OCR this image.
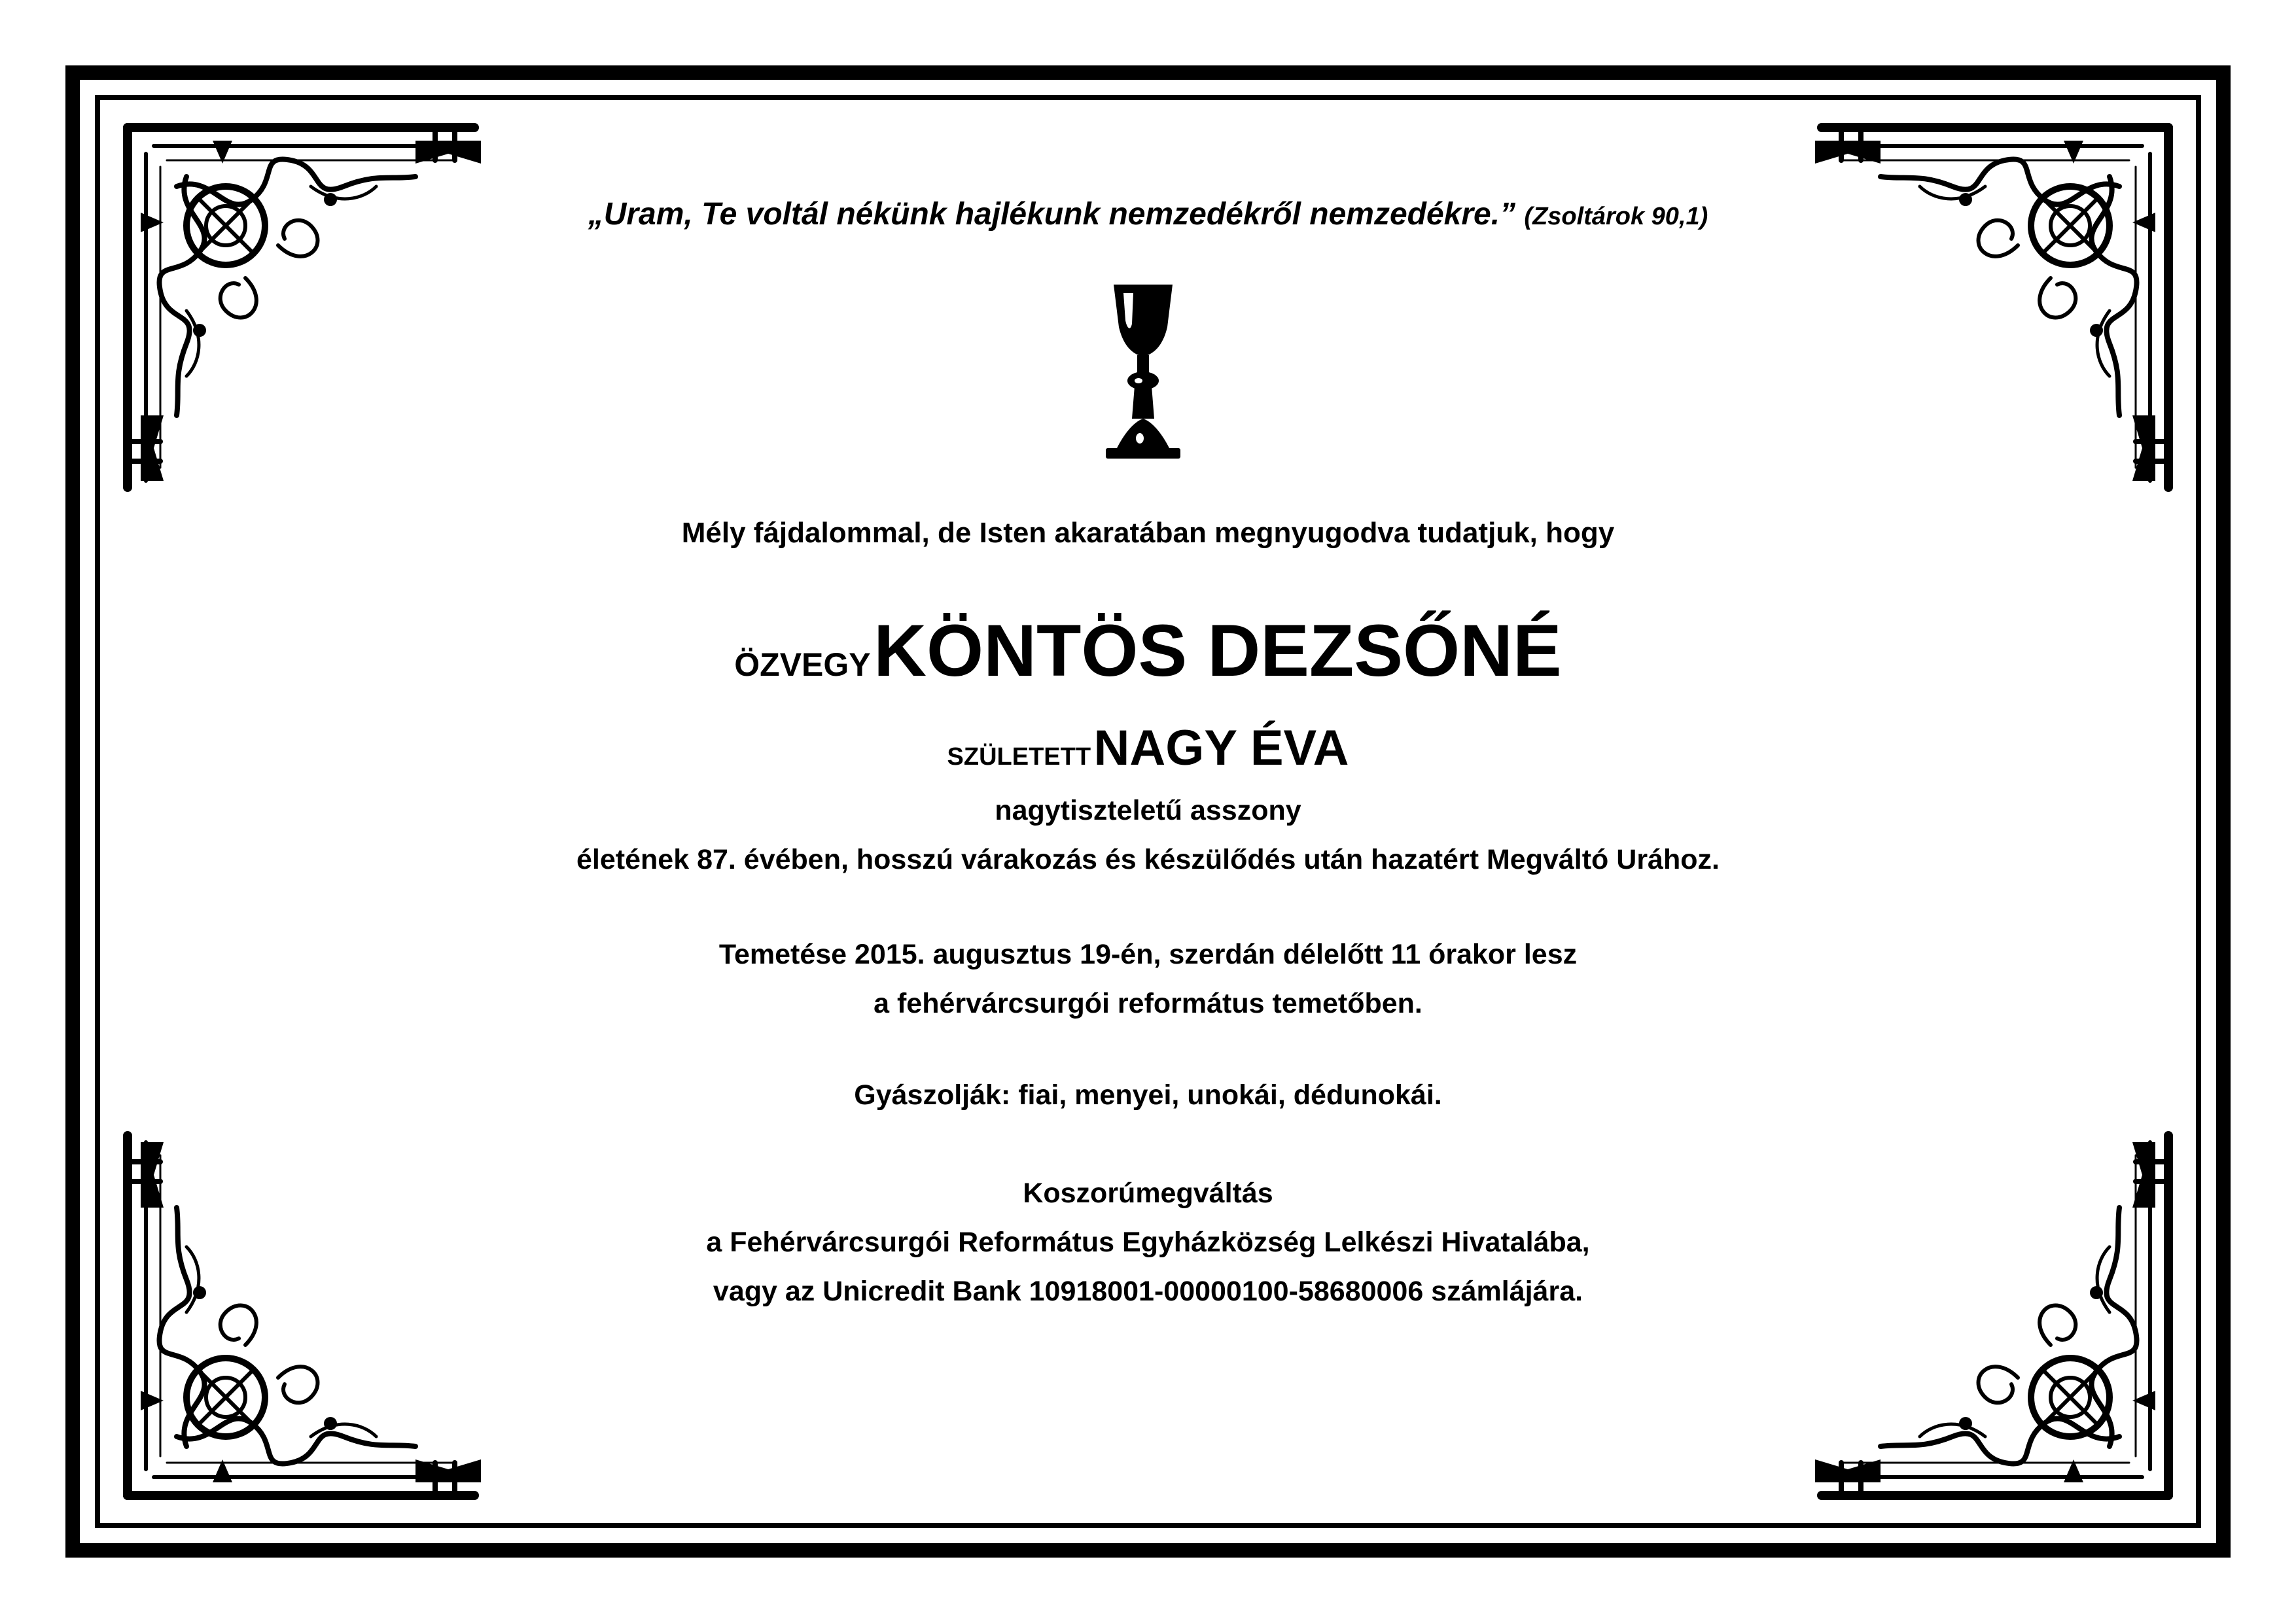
„Uram, Te voltál nékünk hajlékunk nemzedékről nemzedékre.” (Zsoltárok 90,1)
Mély fájdalommal, de Isten akaratában megnyugodva tudatjuk, hogy
ÖZVEGY KÖNTÖS DEZSŐNÉ
SZÜLETETT NAGY ÉVA
nagytiszteletű asszony
életének 87. évében, hosszú várakozás és készülődés után hazatért Megváltó Urához.
Temetése 2015. augusztus 19-én, szerdán délelőtt 11 órakor lesz
a fehérvárcsurgói református temetőben.
Gyászolják: fiai, menyei, unokái, dédunokái.
Koszorúmegváltás
a Fehérvárcsurgói Református Egyházközség Lelkészi Hivatalába,
vagy az Unicredit Bank 10918001-00000100-58680006 számlájára.
